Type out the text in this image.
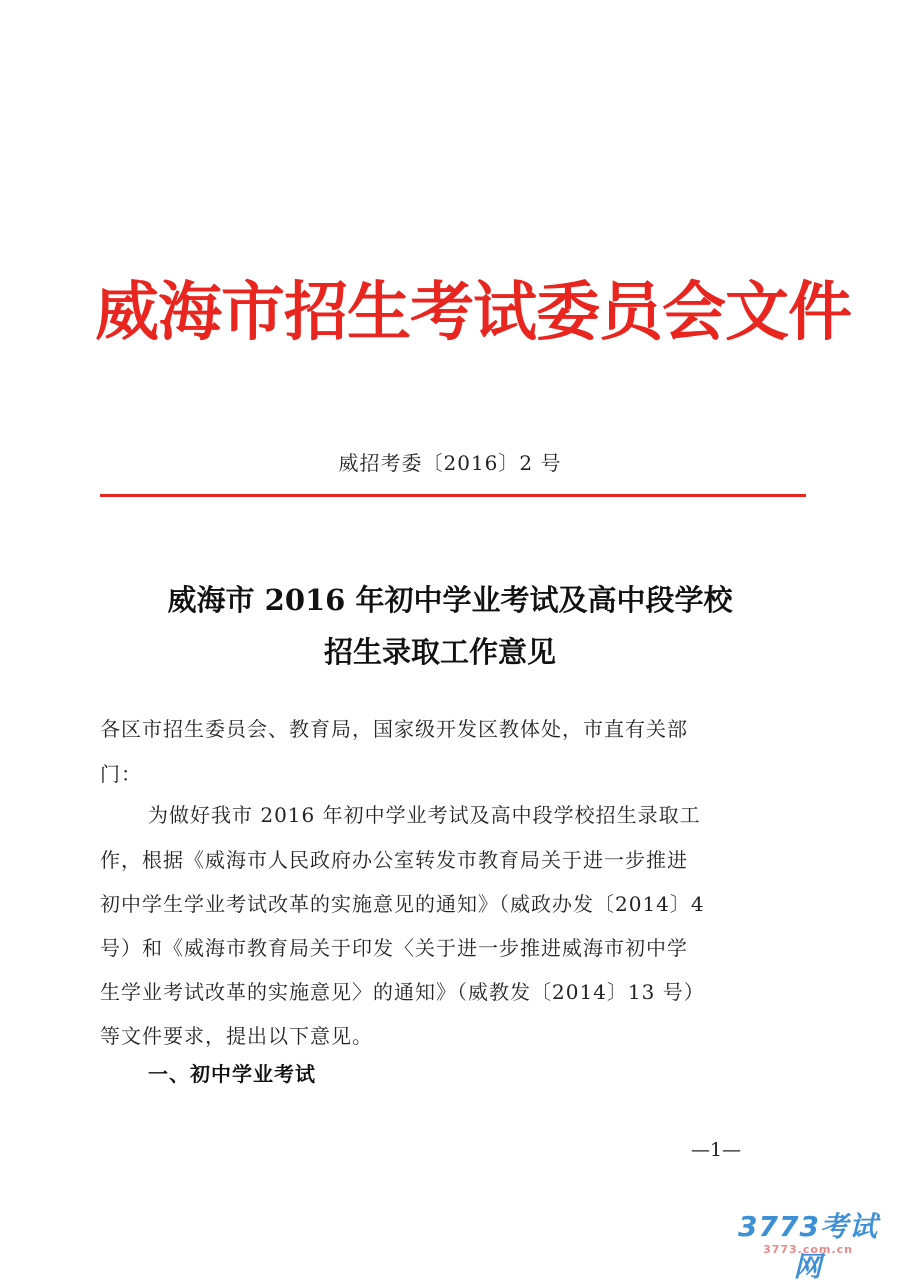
威海市招生考试委员会文件
威招考委〔2016〕2 号
威海市 2016 年初中学业考试及高中段学校
招生录取工作意见
各区市招生委员会、教育局，国家级开发区教体处，市直有关部
门：
为做好我市 2016 年初中学业考试及高中段学校招生录取工
作，根据《威海市人民政府办公室转发市教育局关于进一步推进
初中学生学业考试改革的实施意见的通知》（威政办发〔2014〕4
号）和《威海市教育局关于印发〈关于进一步推进威海市初中学
生学业考试改革的实施意见〉的通知》（威教发〔2014〕13 号）
等文件要求，提出以下意见。
一、初中学业考试
—1—
3773考试网
3773.com.cn
